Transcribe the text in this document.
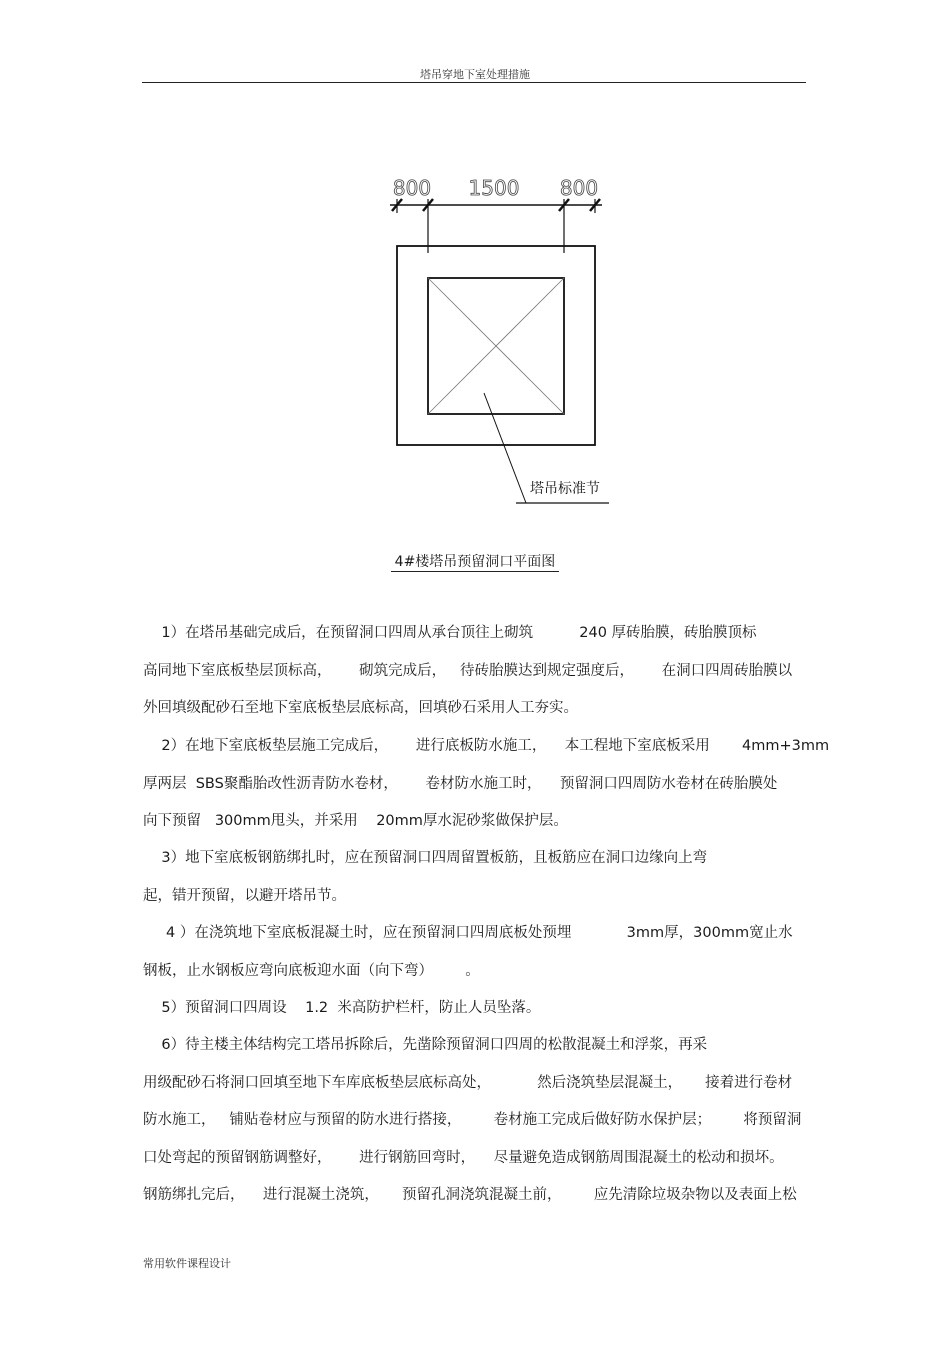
塔吊穿地下室处理措施
800 1500 800
塔吊标准节
4#楼塔吊预留洞口平面图
1）在塔吊基础完成后，在预留洞口四周从承台顶往上砌筑          240 厚砖胎膜，砖胎膜顶标
高同地下室底板垫层顶标高，      砌筑完成后，   待砖胎膜达到规定强度后，      在洞口四周砖胎膜以
外回填级配砂石至地下室底板垫层底标高，回填砂石采用人工夯实。
2）在地下室底板垫层施工完成后，      进行底板防水施工，    本工程地下室底板采用       4mm+3mm
厚两层  SBS聚酯胎改性沥青防水卷材，      卷材防水施工时，    预留洞口四周防水卷材在砖胎膜处
向下预留   300mm甩头，并采用    20mm厚水泥砂浆做保护层。
3）地下室底板钢筋绑扎时，应在预留洞口四周留置板筋，且板筋应在洞口边缘向上弯
起，错开预留，以避开塔吊节。
4 ）在浇筑地下室底板混凝土时，应在预留洞口四周底板处预埋            3mm厚，300mm宽止水
钢板，止水钢板应弯向底板迎水面（向下弯）       。
5）预留洞口四周设    1.2  米高防护栏杆，防止人员坠落。
6）待主楼主体结构完工塔吊拆除后，先凿除预留洞口四周的松散混凝土和浮浆，再采
用级配砂石将洞口回填至地下车库底板垫层底标高处，          然后浇筑垫层混凝土，     接着进行卷材
防水施工，   铺贴卷材应与预留的防水进行搭接，       卷材施工完成后做好防水保护层；       将预留洞
口处弯起的预留钢筋调整好，      进行钢筋回弯时，    尽量避免造成钢筋周围混凝土的松动和损坏。
钢筋绑扎完后，    进行混凝土浇筑，     预留孔洞浇筑混凝土前，       应先清除垃圾杂物以及表面上松
常用软件课程设计
